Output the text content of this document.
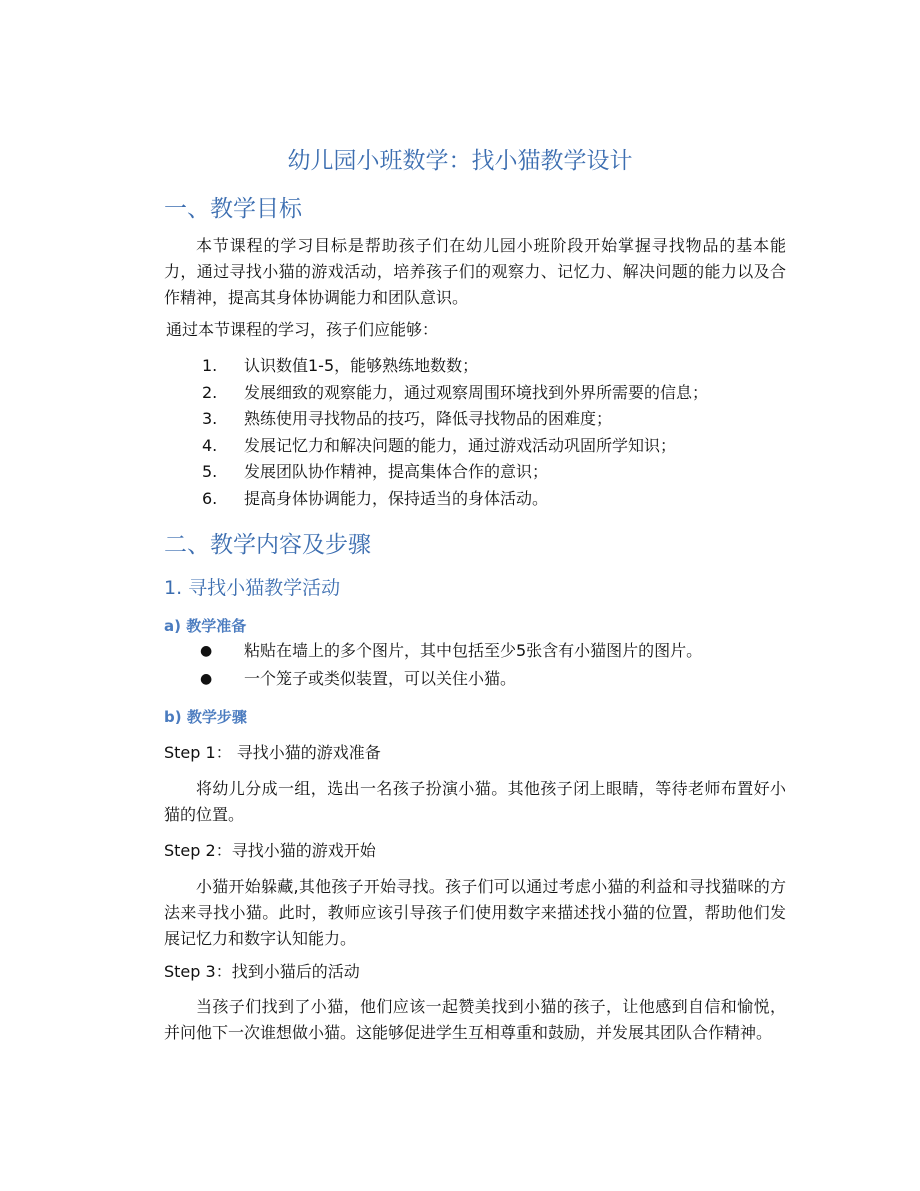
幼儿园小班数学：找小猫教学设计
一、教学目标

本节课程的学习目标是帮助孩子们在幼儿园小班阶段开始掌握寻找物品的基本能力，通过寻找小猫的游戏活动，培养孩子们的观察力、记忆力、解决问题的能力以及合作精神，提高其身体协调能力和团队意识。

通过本节课程的学习，孩子们应能够：

1. 认识数值1-5，能够熟练地数数；
2. 发展细致的观察能力，通过观察周围环境找到外界所需要的信息；
3. 熟练使用寻找物品的技巧，降低寻找物品的困难度；
4. 发展记忆力和解决问题的能力，通过游戏活动巩固所学知识；
5. 发展团队协作精神，提高集体合作的意识；
6. 提高身体协调能力，保持适当的身体活动。
二、教学内容及步骤
1. 寻找小猫教学活动
a) 教学准备
● 粘贴在墙上的多个图片，其中包括至少5张含有小猫图片的图片。
● 一个笼子或类似装置，可以关住小猫。
b) 教学步骤

Step 1： 寻找小猫的游戏准备

将幼儿分成一组，选出一名孩子扮演小猫。其他孩子闭上眼睛，等待老师布置好小猫的位置。

Step 2：寻找小猫的游戏开始

小猫开始躲藏,其他孩子开始寻找。孩子们可以通过考虑小猫的利益和寻找猫咪的方法来寻找小猫。此时，教师应该引导孩子们使用数字来描述找小猫的位置，帮助他们发展记忆力和数字认知能力。

Step 3：找到小猫后的活动

当孩子们找到了小猫，他们应该一起赞美找到小猫的孩子，让他感到自信和愉悦，并问他下一次谁想做小猫。这能够促进学生互相尊重和鼓励，并发展其团队合作精神。
